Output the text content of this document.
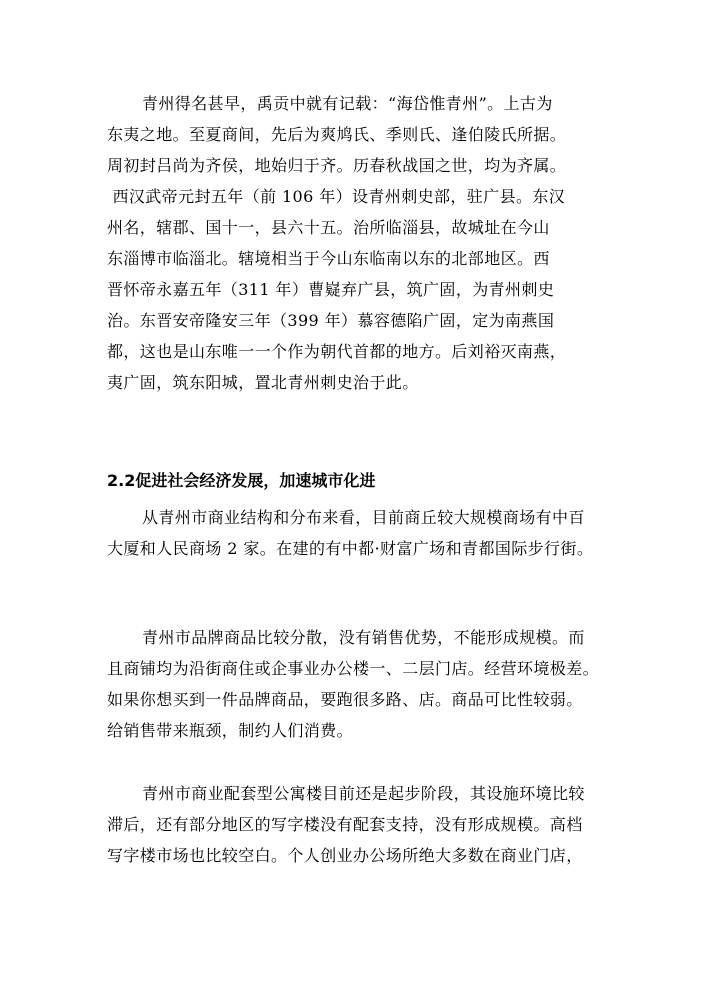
青州得名甚早，禹贡中就有记载：“海岱惟青州”。上古为
东夷之地。至夏商间，先后为爽鸠氏、季则氏、逢伯陵氏所据。
周初封吕尚为齐侯，地始归于齐。历春秋战国之世，均为齐属。
西汉武帝元封五年（前 106 年）设青州刺史部，驻广县。东汉
州名，辖郡、国十一，县六十五。治所临淄县，故城址在今山
东淄博市临淄北。辖境相当于今山东临南以东的北部地区。西
晋怀帝永嘉五年（311 年）曹嶷弃广县，筑广固，为青州刺史
治。东晋安帝隆安三年（399 年）慕容德陷广固，定为南燕国
都，这也是山东唯一一个作为朝代首都的地方。后刘裕灭南燕，
夷广固，筑东阳城，置北青州刺史治于此。

2.2促进社会经济发展，加速城市化进

从青州市商业结构和分布来看，目前商丘较大规模商场有中百
大厦和人民商场 2 家。在建的有中都·财富广场和青都国际步行街。

青州市品牌商品比较分散，没有销售优势，不能形成规模。而
且商铺均为沿街商住或企事业办公楼一、二层门店。经营环境极差。
如果你想买到一件品牌商品，要跑很多路、店。商品可比性较弱。
给销售带来瓶颈，制约人们消费。

青州市商业配套型公寓楼目前还是起步阶段，其设施环境比较
滞后，还有部分地区的写字楼没有配套支持，没有形成规模。高档
写字楼市场也比较空白。个人创业办公场所绝大多数在商业门店，
